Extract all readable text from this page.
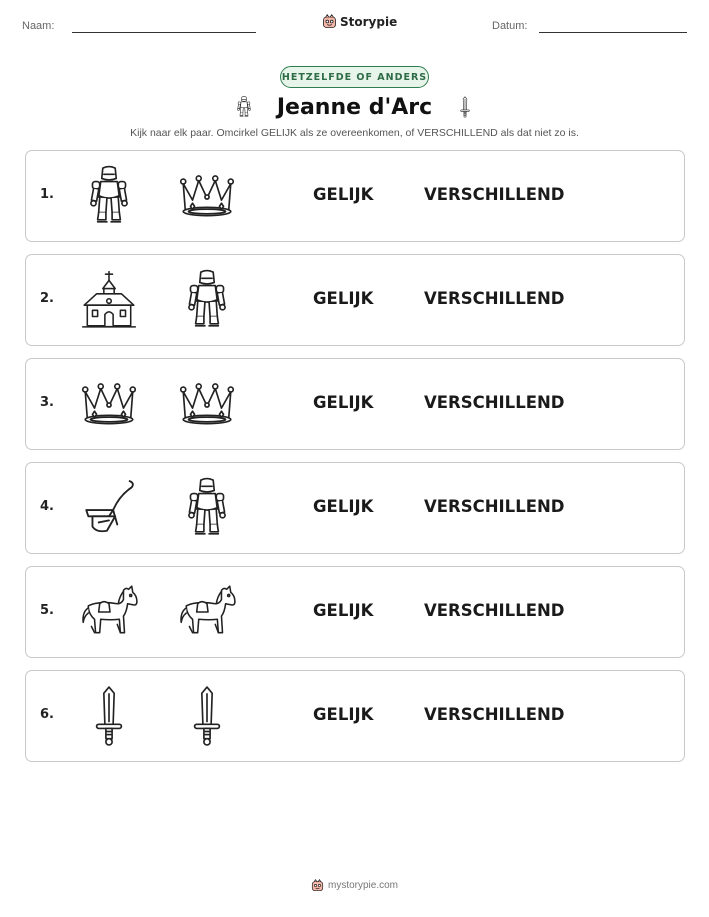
Naam:	Storypie	Datum:
HETZELFDE OF ANDERS
Jeanne d'Arc
Kijk naar elk paar. Omcirkel GELIJK als ze overeenkomen, of VERSCHILLEND als dat niet zo is.
1.	GELIJK	VERSCHILLEND
2.	GELIJK	VERSCHILLEND
3.	GELIJK	VERSCHILLEND
4.	GELIJK	VERSCHILLEND
5.	GELIJK	VERSCHILLEND
6.	GELIJK	VERSCHILLEND
mystorypie.com
